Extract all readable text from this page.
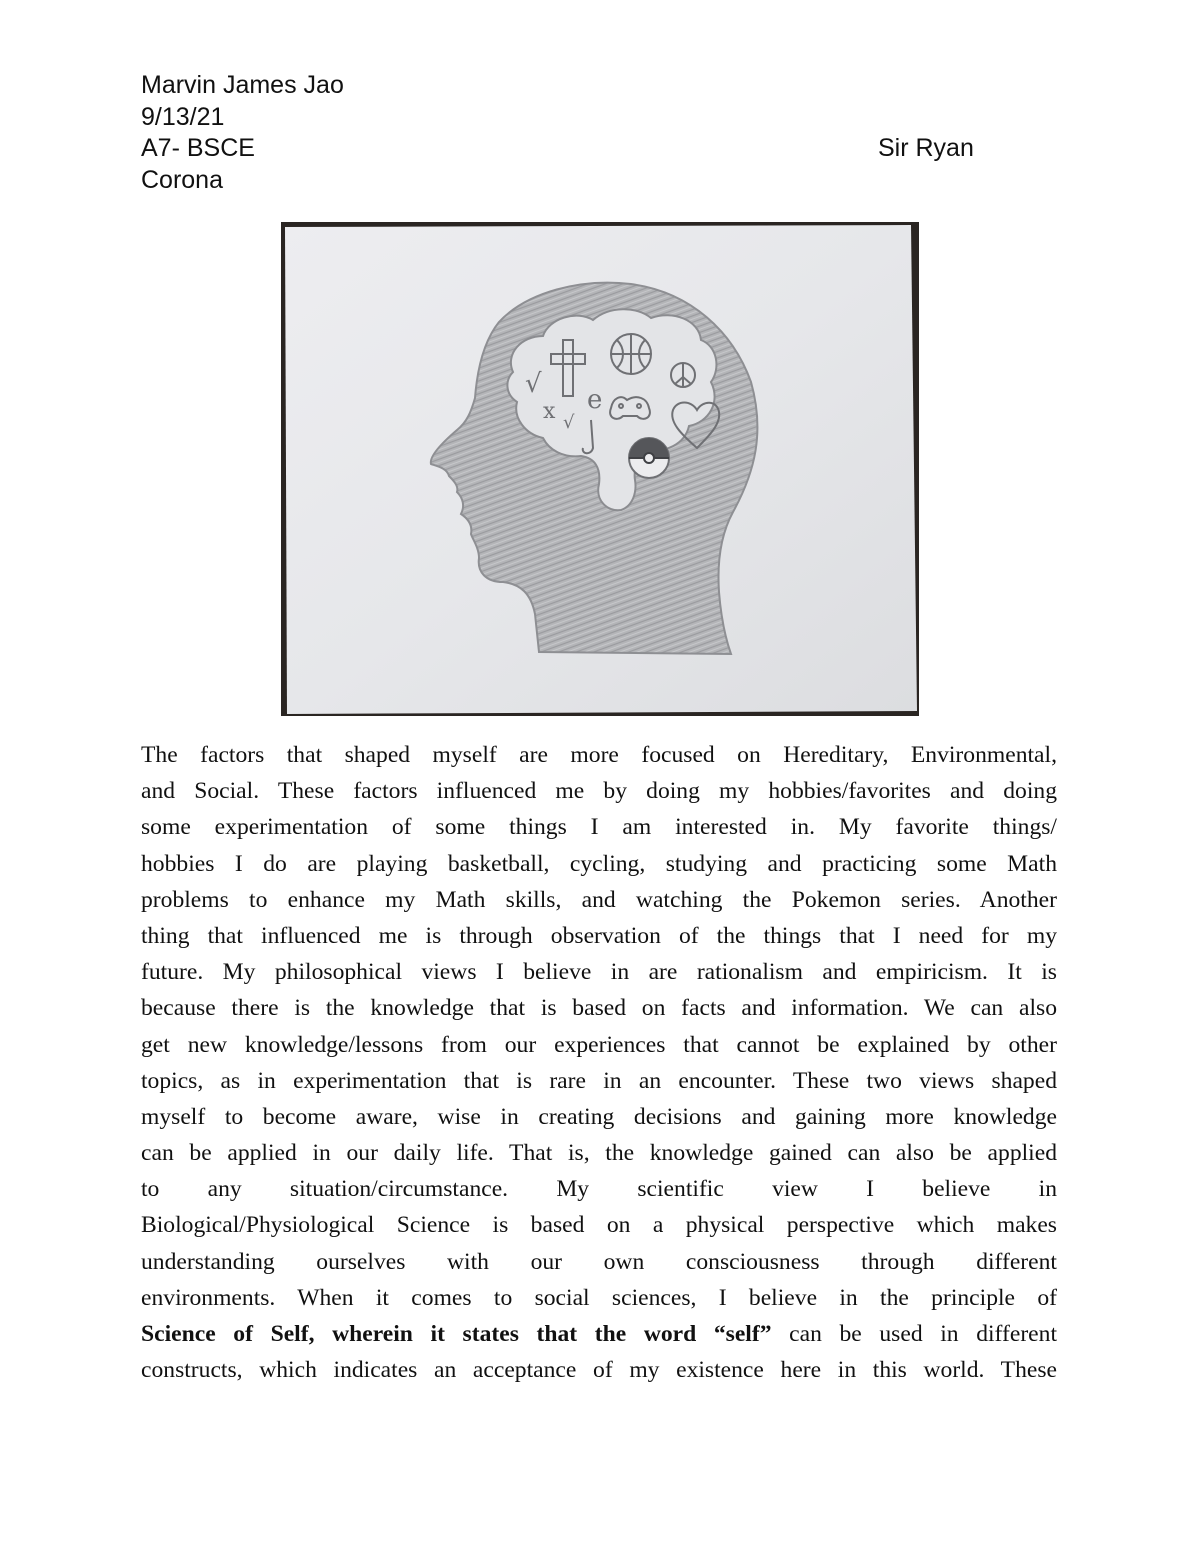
Marvin James Jao
9/13/21
A7- BSCE	Sir Ryan
Corona
√
x e
√
The factors that shaped myself are more focused on Hereditary, Environmental,
and Social. These factors influenced me by doing my hobbies/favorites and doing
some experimentation of some things I am interested in. My favorite things/
hobbies I do are playing basketball, cycling, studying and practicing some Math
problems to enhance my Math skills, and watching the Pokemon series. Another
thing that influenced me is through observation of the things that I need for my
future. My philosophical views I believe in are rationalism and empiricism. It is
because there is the knowledge that is based on facts and information. We can also
get new knowledge/lessons from our experiences that cannot be explained by other
topics, as in experimentation that is rare in an encounter. These two views shaped
myself to become aware, wise in creating decisions and gaining more knowledge
can be applied in our daily life. That is, the knowledge gained can also be applied
to any situation/circumstance. My scientific view I believe in
Biological/Physiological Science is based on a physical perspective which makes
understanding ourselves with our own consciousness through different
environments. When it comes to social sciences, I believe in the principle of
Science of Self, wherein it states that the word “self” can be used in different
constructs, which indicates an acceptance of my existence here in this world. These
